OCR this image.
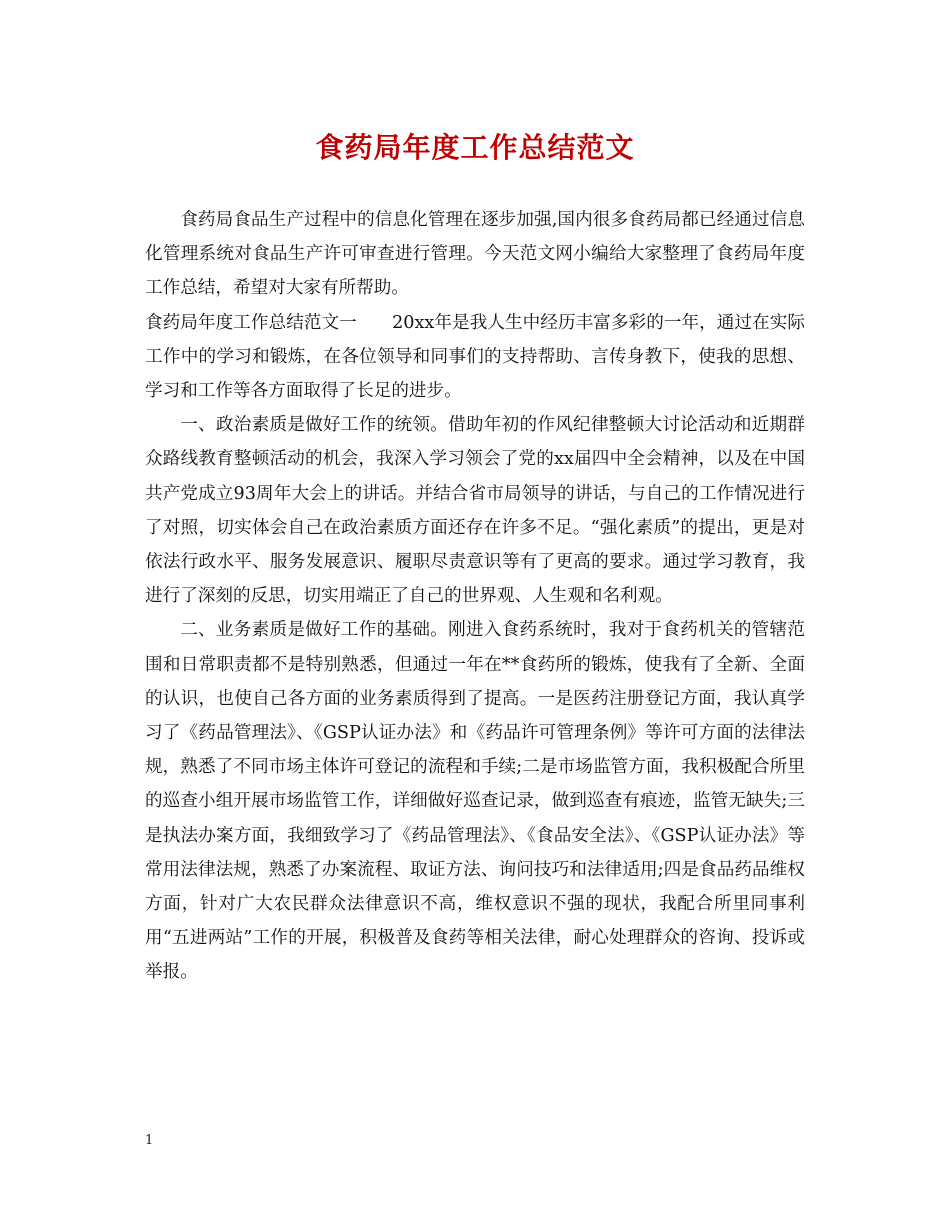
食药局年度工作总结范文

食药局食品生产过程中的信息化管理在逐步加强,国内很多食药局都已经通过信息化管理系统对食品生产许可审查进行管理。今天范文网小编给大家整理了食药局年度工作总结，希望对大家有所帮助。

食药局年度工作总结范文一　　20xx年是我人生中经历丰富多彩的一年，通过在实际工作中的学习和锻炼，在各位领导和同事们的支持帮助、言传身教下，使我的思想、学习和工作等各方面取得了长足的进步。

一、政治素质是做好工作的统领。借助年初的作风纪律整顿大讨论活动和近期群众路线教育整顿活动的机会，我深入学习领会了党的xx届四中全会精神，以及在中国共产党成立93周年大会上的讲话。并结合省市局领导的讲话，与自己的工作情况进行了对照，切实体会自己在政治素质方面还存在许多不足。“强化素质”的提出，更是对依法行政水平、服务发展意识、履职尽责意识等有了更高的要求。通过学习教育，我进行了深刻的反思，切实用端正了自己的世界观、人生观和名利观。

二、业务素质是做好工作的基础。刚进入食药系统时，我对于食药机关的管辖范围和日常职责都不是特别熟悉，但通过一年在**食药所的锻炼，使我有了全新、全面的认识，也使自己各方面的业务素质得到了提高。一是医药注册登记方面，我认真学习了《药品管理法》、《GSP认证办法》和《药品许可管理条例》等许可方面的法律法规，熟悉了不同市场主体许可登记的流程和手续;二是市场监管方面，我积极配合所里的巡查小组开展市场监管工作，详细做好巡查记录，做到巡查有痕迹，监管无缺失;三是执法办案方面，我细致学习了《药品管理法》、《食品安全法》、《GSP认证办法》等常用法律法规，熟悉了办案流程、取证方法、询问技巧和法律适用;四是食品药品维权方面，针对广大农民群众法律意识不高，维权意识不强的现状，我配合所里同事利用“五进两站”工作的开展，积极普及食药等相关法律，耐心处理群众的咨询、投诉或举报。

1
